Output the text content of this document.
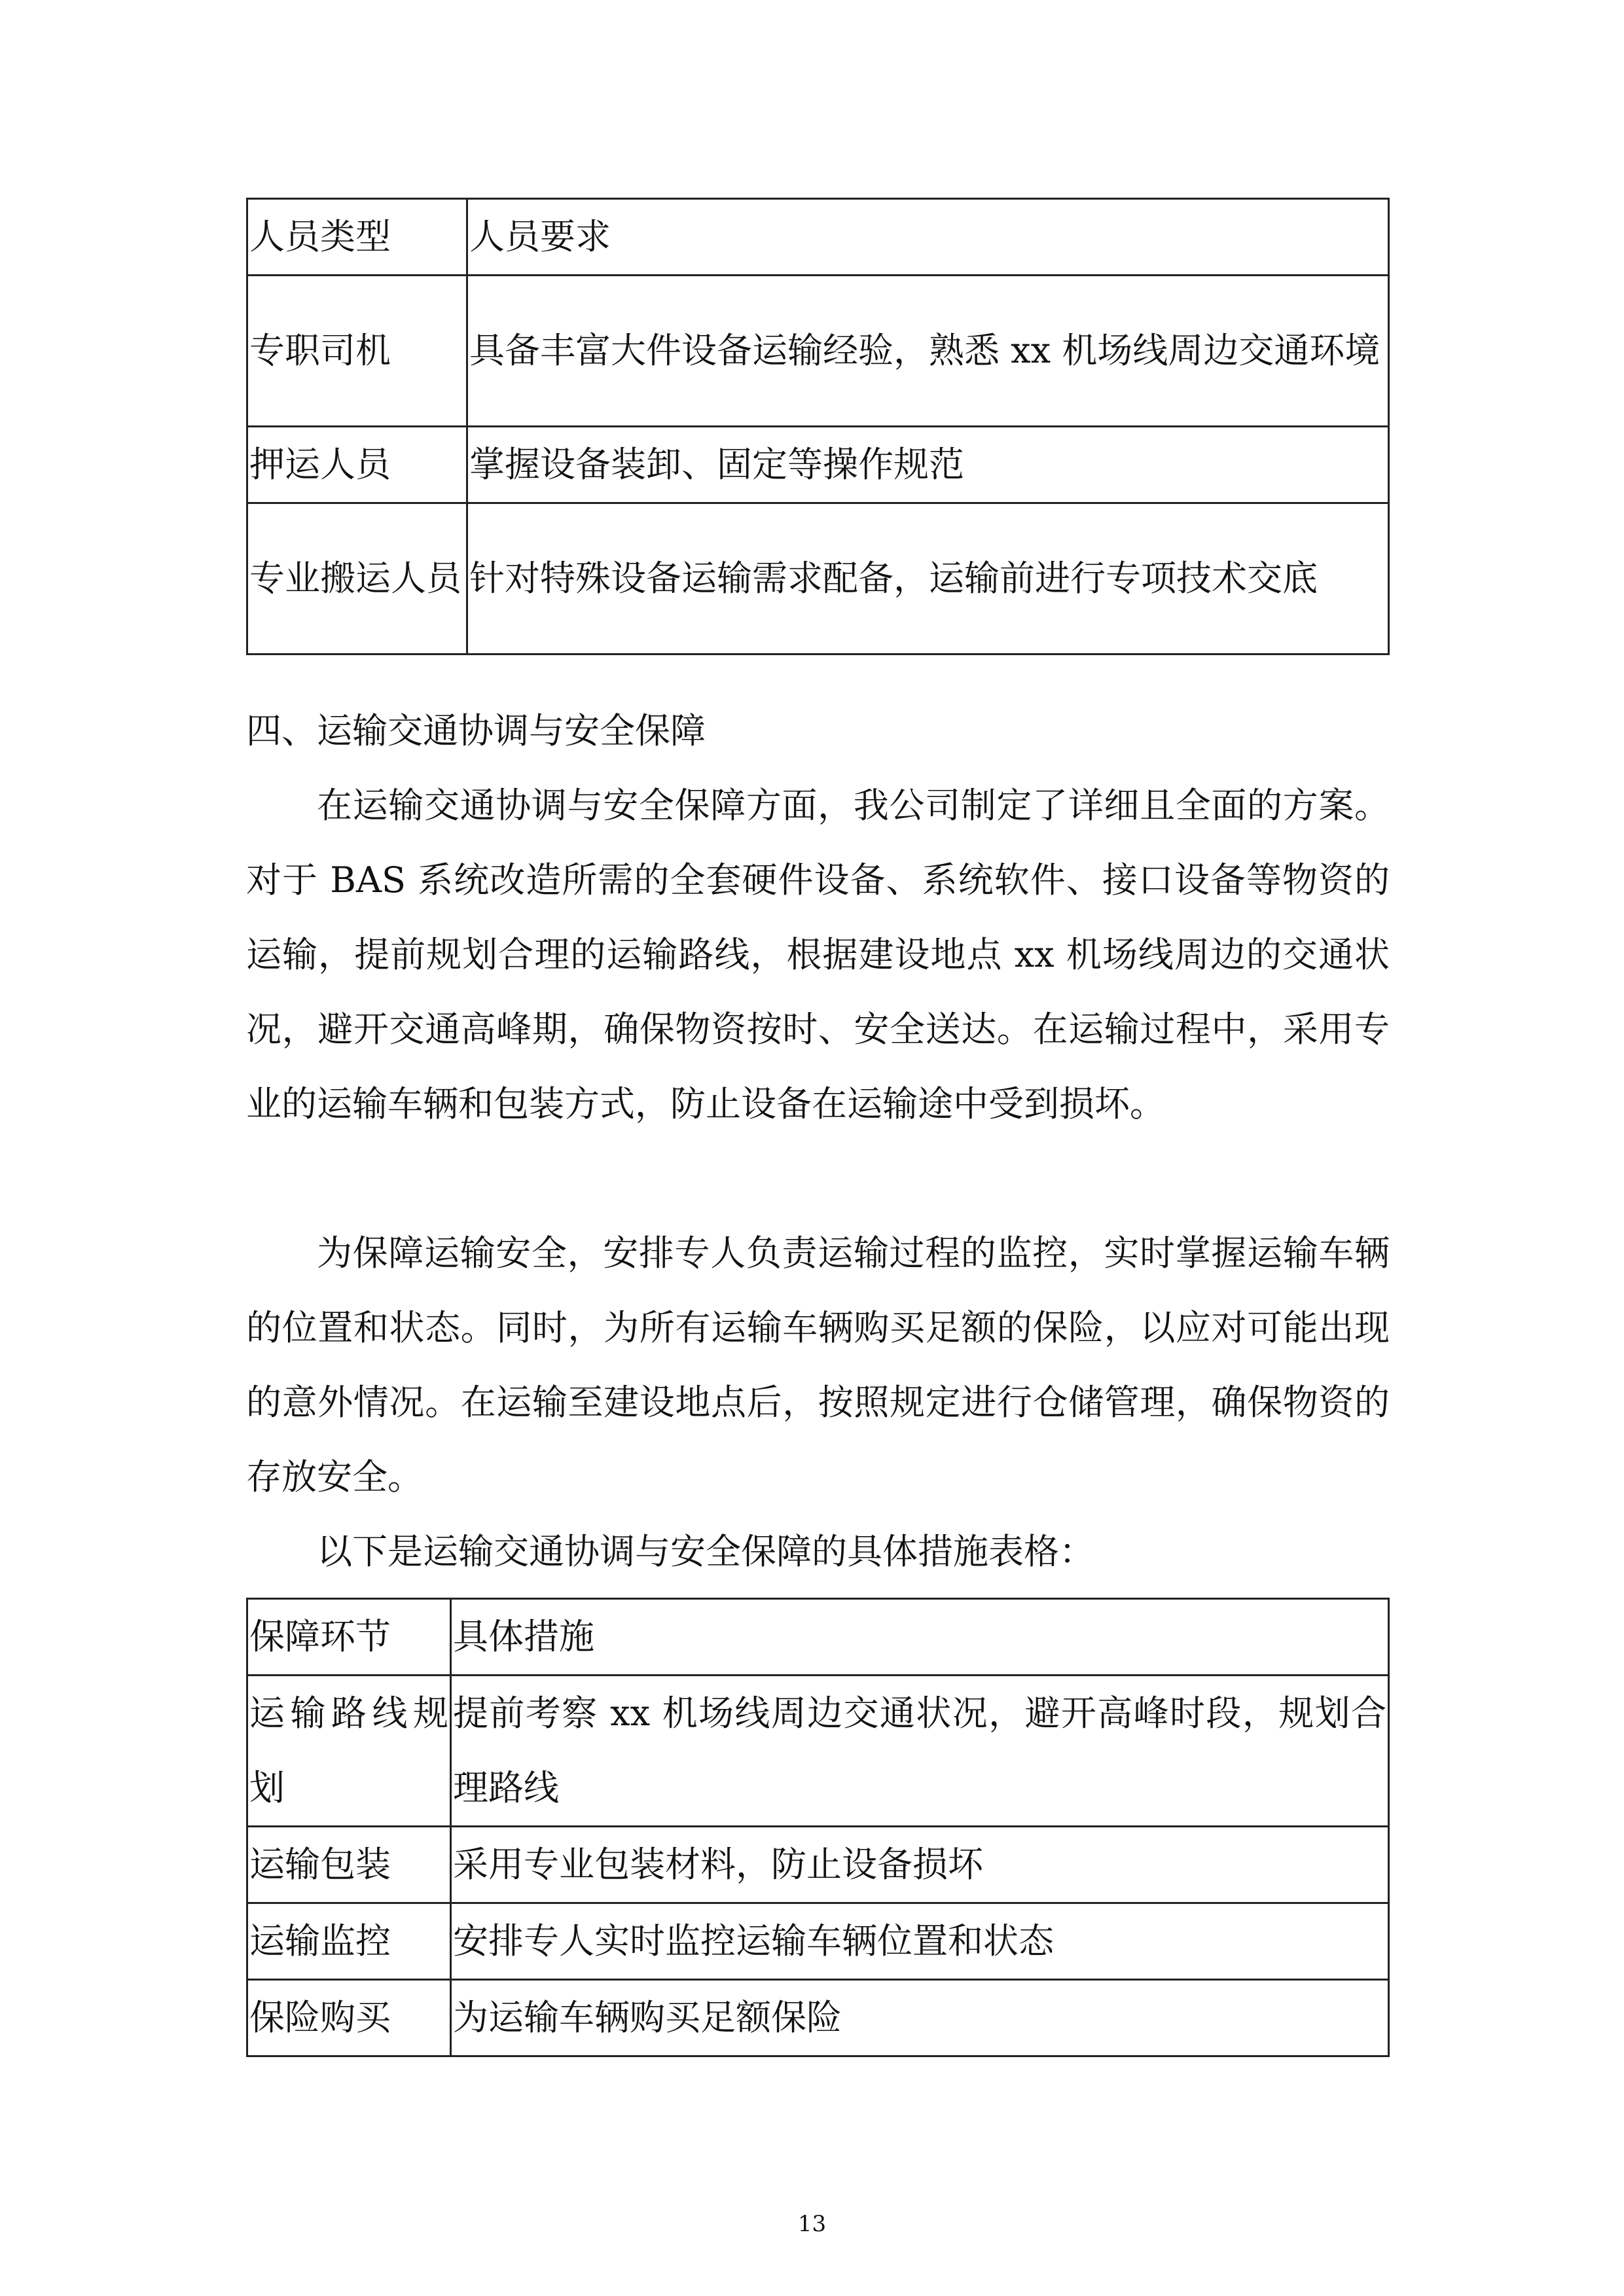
人员类型	人员要求
专职司机	具备丰富大件设备运输经验，熟悉 xx 机场线周边交通环境
押运人员	掌握设备装卸、固定等操作规范
专业搬运人员	针对特殊设备运输需求配备，运输前进行专项技术交底

四、运输交通协调与安全保障

在运输交通协调与安全保障方面，我公司制定了详细且全面的方案。对于 BAS 系统改造所需的全套硬件设备、系统软件、接口设备等物资的运输，提前规划合理的运输路线，根据建设地点 xx 机场线周边的交通状况，避开交通高峰期，确保物资按时、安全送达。在运输过程中，采用专业的运输车辆和包装方式，防止设备在运输途中受到损坏。

为保障运输安全，安排专人负责运输过程的监控，实时掌握运输车辆的位置和状态。同时，为所有运输车辆购买足额的保险，以应对可能出现的意外情况。在运输至建设地点后，按照规定进行仓储管理，确保物资的存放安全。

以下是运输交通协调与安全保障的具体措施表格：

保障环节	具体措施
运输路线规划	提前考察 xx 机场线周边交通状况，避开高峰时段，规划合理路线
运输包装	采用专业包装材料，防止设备损坏
运输监控	安排专人实时监控运输车辆位置和状态
保险购买	为运输车辆购买足额保险
13
